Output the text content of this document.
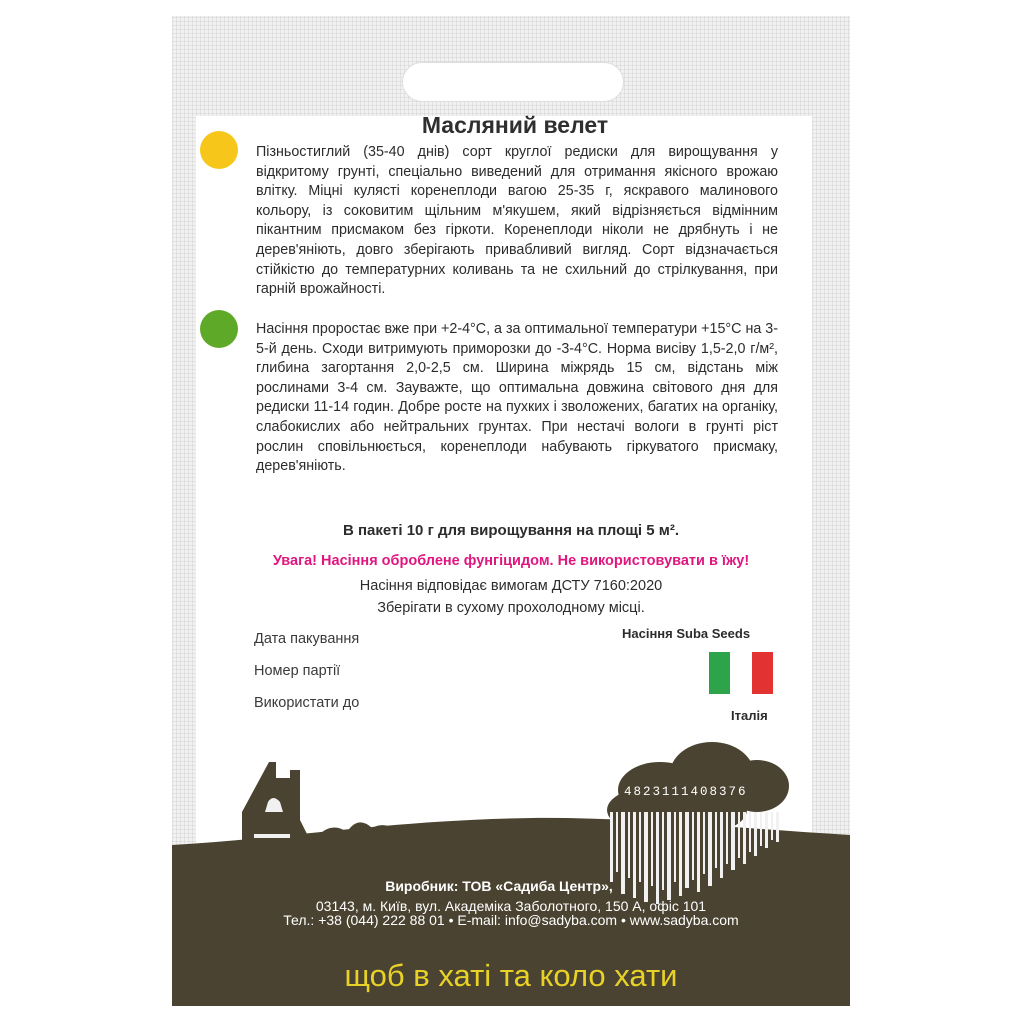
Масляний велет

Пізньостиглий (35-40 днів) сорт круглої редиски для вирощування у відкритому грунті, спеціально виведений для отримання якісного врожаю влітку. Міцні кулясті коренеплоди вагою 25-35 г, яскравого малинового кольору, із соковитим щільним м'якушем, який відрізняється відмінним пікантним присмаком без гіркоти. Коренеплоди ніколи не дрябнуть і не дерев'яніють, довго зберігають привабливий вигляд. Сорт відзначається стійкістю до температурних коливань та не схильний до стрілкування, при гарній врожайності.

Насіння проростає вже при +2-4°С, а за оптимальної температури +15°С на 3-5-й день. Сходи витримують приморозки до -3-4°С. Норма висіву 1,5-2,0 г/м², глибина загортання 2,0-2,5 см. Ширина міжрядь 15 см, відстань між рослинами 3-4 см. Зауважте, що оптимальна довжина світового дня для редиски 11-14 годин. Добре росте на пухких і зволожених, багатих на органіку, слабокислих або нейтральних грунтах. При нестачі вологи в грунті ріст рослин сповільнюється, коренеплоди набувають гіркуватого присмаку, дерев'яніють.

В пакеті 10 г для вирощування на площі 5 м².
Увага! Насіння оброблене фунгіцидом. Не використовувати в їжу!
Насіння відповідає вимогам ДСТУ 7160:2020
Зберігати в сухому прохолодному місці.
Дата пакування
Номер партії
Використати до
Насіння Suba Seeds
Італія
4823111408376
Виробник: ТОВ «Садиба Центр»,
03143, м. Київ, вул. Академіка Заболотного, 150 А, офіс 101
Тел.: +38 (044) 222 88 01 • E-mail: info@sadyba.com • www.sadyba.com
щоб в хаті та коло хати
